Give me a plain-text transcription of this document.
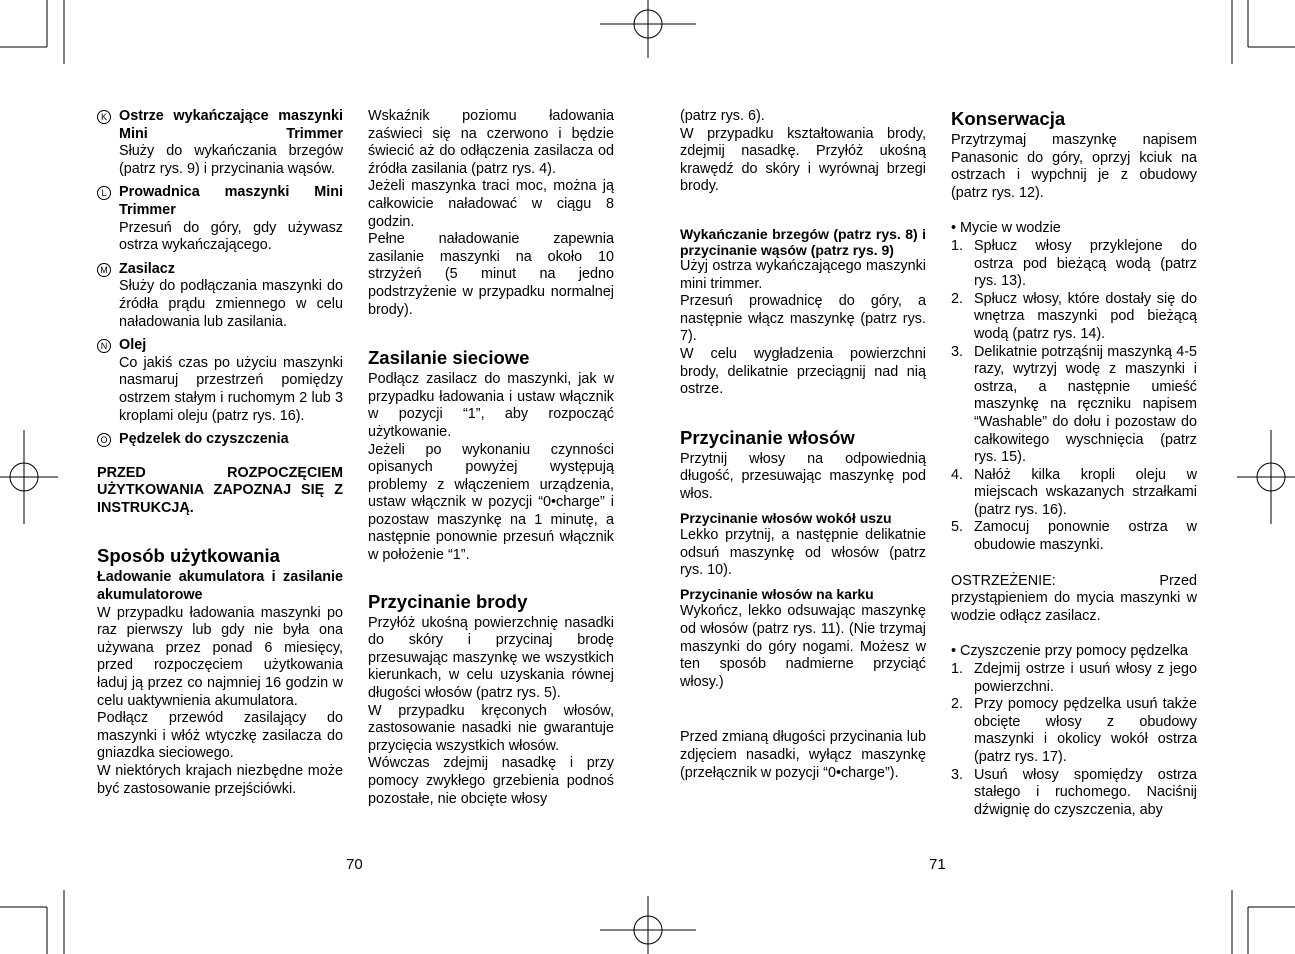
K Ostrze wykańczające maszynki Mini Trimmer

Służy do wykańczania brzegów (patrz rys. 9) i przycinania wąsów.

L Prowadnica maszynki Mini Trimmer

Przesuń do góry, gdy używasz ostrza wykańczającego.

M Zasilacz

Służy do podłączania maszynki do źródła prądu zmiennego w celu naładowania lub zasilania.

N Olej

Co jakiś czas po użyciu maszynki nasmaruj przestrzeń pomiędzy ostrzem stałym i ruchomym 2 lub 3 kroplami oleju (patrz rys. 16).

O Pędzelek do czyszczenia

PRZED ROZPOCZĘCIEM UŻYTKOWANIA ZAPOZNAJ SIĘ Z INSTRUKCJĄ.

Sposób użytkowania

Ładowanie akumulatora i zasilanie akumulatorowe

W przypadku ładowania maszynki po raz pierwszy lub gdy nie była ona używana przez ponad 6 miesięcy, przed rozpoczęciem użytkowania ładuj ją przez co najmniej 16 godzin w celu uaktywnienia akumulatora.

Podłącz przewód zasilający do maszynki i włóż wtyczkę zasilacza do gniazdka sieciowego.

W niektórych krajach niezbędne może być zastosowanie przejściówki.

Wskaźnik poziomu ładowania zaświeci się na czerwono i będzie świecić aż do odłączenia zasilacza od źródła zasilania (patrz rys. 4).

Jeżeli maszynka traci moc, można ją całkowicie naładować w ciągu 8 godzin.

Pełne naładowanie zapewnia zasilanie maszynki na około 10 strzyżeń (5 minut na jedno podstrzyżenie w przypadku normalnej brody).

Zasilanie sieciowe

Podłącz zasilacz do maszynki, jak w przypadku ładowania i ustaw włącznik w pozycji “1”, aby rozpocząć użytkowanie.

Jeżeli po wykonaniu czynności opisanych powyżej występują problemy z włączeniem urządzenia, ustaw włącznik w pozycji “0•charge” i pozostaw maszynkę na 1 minutę, a następnie ponownie przesuń włącznik w położenie “1”.

Przycinanie brody

Przyłóż ukośną powierzchnię nasadki do skóry i przycinaj brodę przesuwając maszynkę we wszystkich kierunkach, w celu uzyskania równej długości włosów (patrz rys. 5).

W przypadku kręconych włosów, zastosowanie nasadki nie gwarantuje przycięcia wszystkich włosów.

Wówczas zdejmij nasadkę i przy pomocy zwykłego grzebienia podnoś pozostałe, nie obcięte włosy

70

(patrz rys. 6).

W przypadku kształtowania brody, zdejmij nasadkę. Przyłóż ukośną krawędź do skóry i wyrównaj brzegi brody.

Wykańczanie brzegów (patrz rys. 8) i przycinanie wąsów (patrz rys. 9)

Użyj ostrza wykańczającego maszynki mini trimmer.

Przesuń prowadnicę do góry, a następnie włącz maszynkę (patrz rys. 7).

W celu wygładzenia powierzchni brody, delikatnie przeciągnij nad nią ostrze.

Przycinanie włosów

Przytnij włosy na odpowiednią długość, przesuwając maszynkę pod włos.

Przycinanie włosów wokół uszu

Lekko przytnij, a następnie delikatnie odsuń maszynkę od włosów (patrz rys. 10).

Przycinanie włosów na karku

Wykończ, lekko odsuwając maszynkę od włosów (patrz rys. 11). (Nie trzymaj maszynki do góry nogami. Możesz w ten sposób nadmierne przyciąć włosy.)

Przed zmianą długości przycinania lub zdjęciem nasadki, wyłącz maszynkę (przełącznik w pozycji “0•charge”).

Konserwacja

Przytrzymaj maszynkę napisem Panasonic do góry, oprzyj kciuk na ostrzach i wypchnij je z obudowy (patrz rys. 12).

• Mycie w wodzie

1. Spłucz włosy przyklejone do ostrza pod bieżącą wodą (patrz rys. 13).

2. Spłucz włosy, które dostały się do wnętrza maszynki pod bieżącą wodą (patrz rys. 14).

3. Delikatnie potrząśnij maszynką 4-5 razy, wytrzyj wodę z maszynki i ostrza, a następnie umieść maszynkę na ręczniku napisem “Washable” do dołu i pozostaw do całkowitego wyschnięcia (patrz rys. 15).

4. Nałóż kilka kropli oleju w miejscach wskazanych strzałkami (patrz rys. 16).

5. Zamocuj ponownie ostrza w obudowie maszynki.

OSTRZEŻENIE: Przed przystąpieniem do mycia maszynki w wodzie odłącz zasilacz.

• Czyszczenie przy pomocy pędzelka

1. Zdejmij ostrze i usuń włosy z jego powierzchni.

2. Przy pomocy pędzelka usuń także obcięte włosy z obudowy maszynki i okolicy wokół ostrza (patrz rys. 17).

3. Usuń włosy spomiędzy ostrza stałego i ruchomego. Naciśnij dźwignię do czyszczenia, aby

71
